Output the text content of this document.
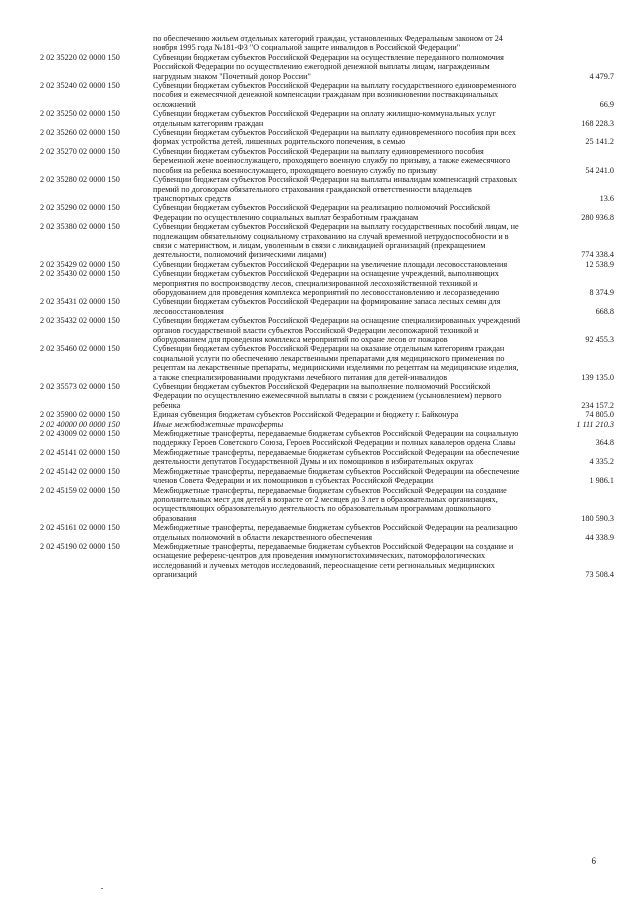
по обеспечению жильем отдельных категорий граждан, установленных Федеральным законом от 24 ноября 1995 года №181-ФЗ "О социальной защите инвалидов в Российской Федерации"
2 02 35220 02 0000 150	Субвенции бюджетам субъектов Российской Федерации на осуществление переданного полномочия Российской Федерации по осуществлению ежегодной денежной выплаты лицам, награжденным нагрудным знаком "Почетный донор России"	4 479.7
2 02 35240 02 0000 150	Субвенции бюджетам субъектов Российской Федерации на выплату государственного единовременного пособия и ежемесячной денежной компенсации гражданам при возникновении поствакцинальных осложнений	66.9
2 02 35250 02 0000 150	Субвенции бюджетам субъектов Российской Федерации на оплату жилищно-коммунальных услуг отдельным категориям граждан	168 228.3
2 02 35260 02 0000 150	Субвенции бюджетам субъектов Российской Федерации на выплату единовременного пособия при всех формах устройства детей, лишенных родительского попечения, в семью	25 141.2
2 02 35270 02 0000 150	Субвенции бюджетам субъектов Российской Федерации на выплату единовременного пособия беременной жене военнослужащего, проходящего военную службу по призыву, а также ежемесячного пособия на ребенка военнослужащего, проходящего военную службу по призыву	54 241.0
2 02 35280 02 0000 150	Субвенции бюджетам субъектов Российской Федерации на выплаты инвалидам компенсаций страховых премий по договорам обязательного страхования гражданской ответственности владельцев транспортных средств	13.6
2 02 35290 02 0000 150	Субвенции бюджетам субъектов Российской Федерации на реализацию полномочий Российской Федерации по осуществлению социальных выплат безработным гражданам	280 936.8
2 02 35380 02 0000 150	Субвенции бюджетам субъектов Российской Федерации на выплату государственных пособий лицам, не подлежащим обязательному социальному страхованию на случай временной нетрудоспособности и в связи с материнством, и лицам, уволенным в связи с ликвидацией организаций (прекращением деятельности, полномочий физическими лицами)	774 338.4
2 02 35429 02 0000 150	Субвенции бюджетам субъектов Российской Федерации на увеличение площади лесовосстановления	12 538.9
2 02 35430 02 0000 150	Субвенции бюджетам субъектов Российской Федерации на оснащение учреждений, выполняющих мероприятия по воспроизводству лесов, специализированной лесохозяйственной техникой и оборудованием для проведения комплекса мероприятий по лесовосстановлению и лесоразведению	8 374.9
2 02 35431 02 0000 150	Субвенции бюджетам субъектов Российской Федерации на формирование запаса лесных семян для лесовосстановления	668.8
2 02 35432 02 0000 150	Субвенции бюджетам субъектов Российской Федерации на оснащение специализированных учреждений органов государственной власти субъектов Российской Федерации лесопожарной техникой и оборудованием для проведения комплекса мероприятий по охране лесов от пожаров	92 455.3
2 02 35460 02 0000 150	Субвенции бюджетам субъектов Российской Федерации на оказание отдельным категориям граждан социальной услуги по обеспечению лекарственными препаратами для медицинского применения по рецептам на лекарственные препараты, медицинскими изделиями по рецептам на медицинские изделия, а также специализированными продуктами лечебного питания для детей-инвалидов	139 135.0
2 02 35573 02 0000 150	Субвенции бюджетам субъектов Российской Федерации на выполнение полномочий Российской Федерации по осуществлению ежемесячной выплаты в связи с рождением (усыновлением) первого ребенка	234 157.2
2 02 35900 02 0000 150	Единая субвенция бюджетам субъектов Российской Федерации и бюджету г. Байконура	74 805.0
2 02 40000 00 0000 150	Иные межбюджетные трансферты	1 111 210.3
2 02 43009 02 0000 150	Межбюджетные трансферты, передаваемые бюджетам субъектов Российской Федерации на социальную поддержку Героев Советского Союза, Героев Российской Федерации и полных кавалеров ордена Славы	364.8
2 02 45141 02 0000 150	Межбюджетные трансферты, передаваемые бюджетам субъектов Российской Федерации на обеспечение деятельности депутатов Государственной Думы и их помощников в избирательных округах	4 335.2
2 02 45142 02 0000 150	Межбюджетные трансферты, передаваемые бюджетам субъектов Российской Федерации на обеспечение членов Совета Федерации и их помощников в субъектах Российской Федерации	1 986.1
2 02 45159 02 0000 150	Межбюджетные трансферты, передаваемые бюджетам субъектов Российской Федерации на создание дополнительных мест для детей в возрасте от 2 месяцев до 3 лет в образовательных организациях, осуществляющих образовательную деятельность по образовательным программам дошкольного образования	180 590.3
2 02 45161 02 0000 150	Межбюджетные трансферты, передаваемые бюджетам субъектов Российской Федерации на реализацию отдельных полномочий в области лекарственного обеспечения	44 338.9
2 02 45190 02 0000 150	Межбюджетные трансферты, передаваемые бюджетам субъектов Российской Федерации на создание и оснащение референс-центров для проведения иммуногистохимических, патоморфологических исследований и лучевых методов исследований, переоснащение сети региональных медицинских организаций	73 508.4
6
